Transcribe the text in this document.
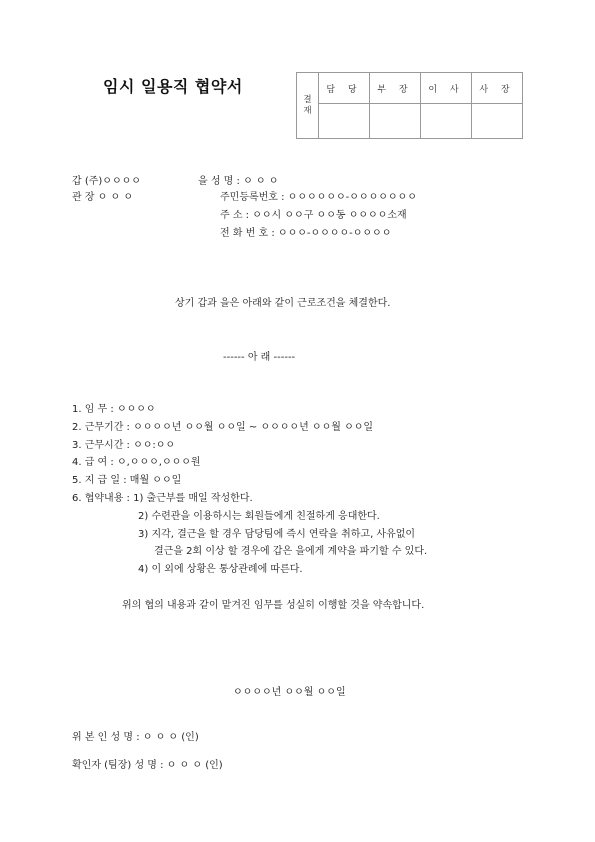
임시 일용직 협약서
결재	담 당	부 장	이 사	사 장

갑 (주)ㅇㅇㅇㅇ
관 장 ㅇ ㅇ ㅇ
을 성 명 : ㅇ ㅇ ㅇ
주민등록번호 : ㅇㅇㅇㅇㅇㅇ-ㅇㅇㅇㅇㅇㅇㅇ
주 소 : ㅇㅇ시 ㅇㅇ구 ㅇㅇ동 ㅇㅇㅇㅇ소재
전 화 번 호 : ㅇㅇㅇ-ㅇㅇㅇㅇ-ㅇㅇㅇㅇ
상기 갑과 을은 아래와 같이 근로조건을 체결한다.
------ 아 래 ------
1. 임 무 : ㅇㅇㅇㅇ
2. 근무기간 : ㅇㅇㅇㅇ년 ㅇㅇ월 ㅇㅇ일 ~ ㅇㅇㅇㅇ년 ㅇㅇ월 ㅇㅇ일
3. 근무시간 : ㅇㅇ:ㅇㅇ
4. 급 여 : ㅇ,ㅇㅇㅇ,ㅇㅇㅇ원
5. 지 급 일 : 매월 ㅇㅇ일
6. 협약내용 : 1) 출근부를 매일 작성한다.
2) 수련관을 이용하시는 회원들에게 친절하게 응대한다.
3) 지각, 결근을 할 경우 담당팀에 즉시 연락을 취하고, 사유없이
결근을 2회 이상 할 경우에 갑은 을에게 계약을 파기할 수 있다.
4) 이 외에 상황은 통상관례에 따른다.
위의 협의 내용과 같이 맡겨진 임무를 성실히 이행할 것을 약속합니다.
ㅇㅇㅇㅇ년 ㅇㅇ월 ㅇㅇ일
위 본 인 성 명 : ㅇ ㅇ ㅇ (인)
확인자 (팀장) 성 명 : ㅇ ㅇ ㅇ (인)
